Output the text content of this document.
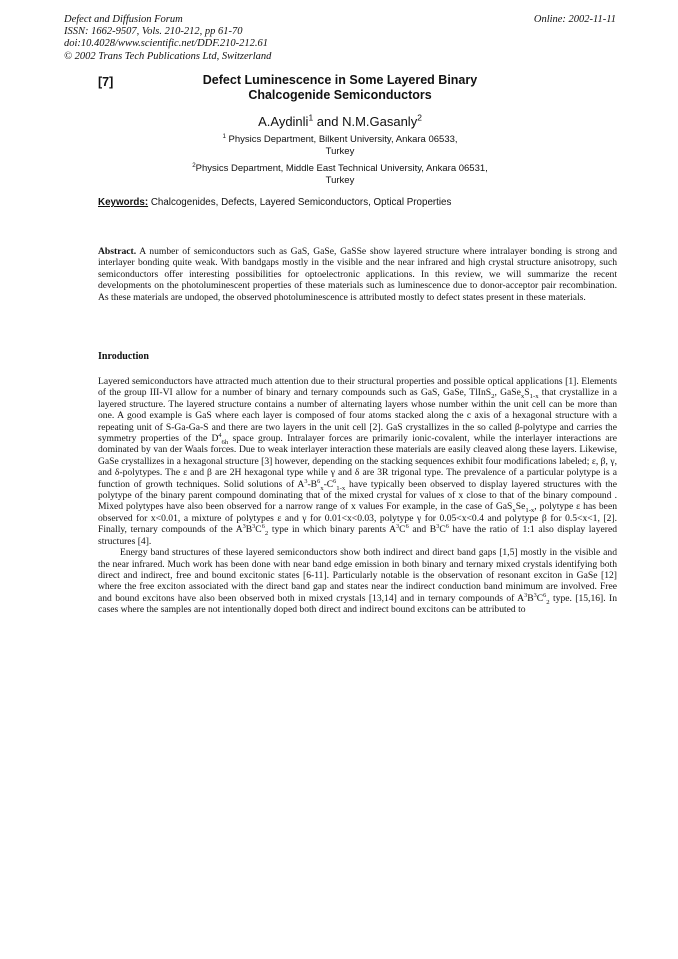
Defect and Diffusion Forum
ISSN: 1662-9507, Vols. 210-212, pp 61-70
doi:10.4028/www.scientific.net/DDF.210-212.61
© 2002 Trans Tech Publications Ltd, Switzerland
Online: 2002-11-11
[7]	Defect Luminescence in Some Layered Binary
Chalcogenide Semiconductors
A.Aydinli$^1$ and N.M.Gasanly$^2$
$^1$ Physics Department, Bilkent University, Ankara 06533,
Turkey
$^2$Physics Department, Middle East Technical University, Ankara 06531,
Turkey
Keywords: Chalcogenides, Defects, Layered Semiconductors, Optical Properties
Abstract. A number of semiconductors such as GaS, GaSe, GaSSe show layered structure where intralayer bonding is strong and interlayer bonding quite weak. With bandgaps mostly in the visible and the near infrared and high crystal structure anisotropy, such semiconductors offer interesting possibilities for optoelectronic applications. In this review, we will summarize the recent developments on the photoluminescent properties of these materials such as luminescence due to donor-acceptor pair recombination. As these materials are undoped, the observed photoluminescence is attributed mostly to defect states present in these materials.
Inroduction

Layered semiconductors have attracted much attention due to their structural properties and possible optical applications [1]. Elements of the group III-VI allow for a number of binary and ternary compounds such as GaS, GaSe, TlInS$_2$, $GaSe_xS_{1-x}$ that crystallize in a layered structure. The layered structure contains a number of alternating layers whose number within the unit cell can be more than one. A good example is GaS where each layer is composed of four atoms stacked along the c axis of a hexagonal structure with a repeating unit of S-Ga-Ga-S and there are two layers in the unit cell [2]. GaS crystallizes in the so called β-polytype and carries the symmetry properties of the $D^4_{6h}$ space group. Intralayer forces are primarily ionic-covalent, while the interlayer interactions are dominated by van der Waals forces. Due to weak interlayer interaction these materials are easily cleaved along these layers. Likewise, GaSe crystallizes in a hexagonal structure [3] however, depending on the stacking sequences exhibit four modifications labeled; ε, β, γ, and δ-polytypes. The ε and β are 2H hexagonal type while γ and δ are 3R trigonal type. The prevalence of a particular polytype is a function of growth techniques. Solid solutions of $A^3-B^6_x-C^6_{1-x}$ have typically been observed to display layered structures with the polytype of the binary parent compound dominating that of the mixed crystal for values of x close to that of the binary compound . Mixed polytypes have also been observed for a narrow range of x values For example, in the case of $GaS_xSe_{1-x}$, polytype ε has been observed for x<0.01, a mixture of polytypes ε and γ for 0.01<x<0.03, polytype γ for 0.05<x<0.4 and polytype β for 0.5<x<1, [2]. Finally, ternary compounds of the $A^3B^3C^6_2$ type in which binary parents $A^3C^6$ and $B^3C^6$ have the ratio of 1:1 also display layered structures [4].

Energy band structures of these layered semiconductors show both indirect and direct band gaps [1,5] mostly in the visible and the near infrared. Much work has been done with near band edge emission in both binary and ternary mixed crystals identifying both direct and indirect, free and bound excitonic states [6-11]. Particularly notable is the observation of resonant exciton in GaSe [12] where the free exciton associated with the direct band gap and states near the indirect conduction band minimum are involved. Free and bound excitons have also been observed both in mixed crystals [13,14] and in ternary compounds of $A^3B^3C^6_2$ type. [15,16]. In cases where the samples are not intentionally doped both direct and indirect bound excitons can be attributed to
